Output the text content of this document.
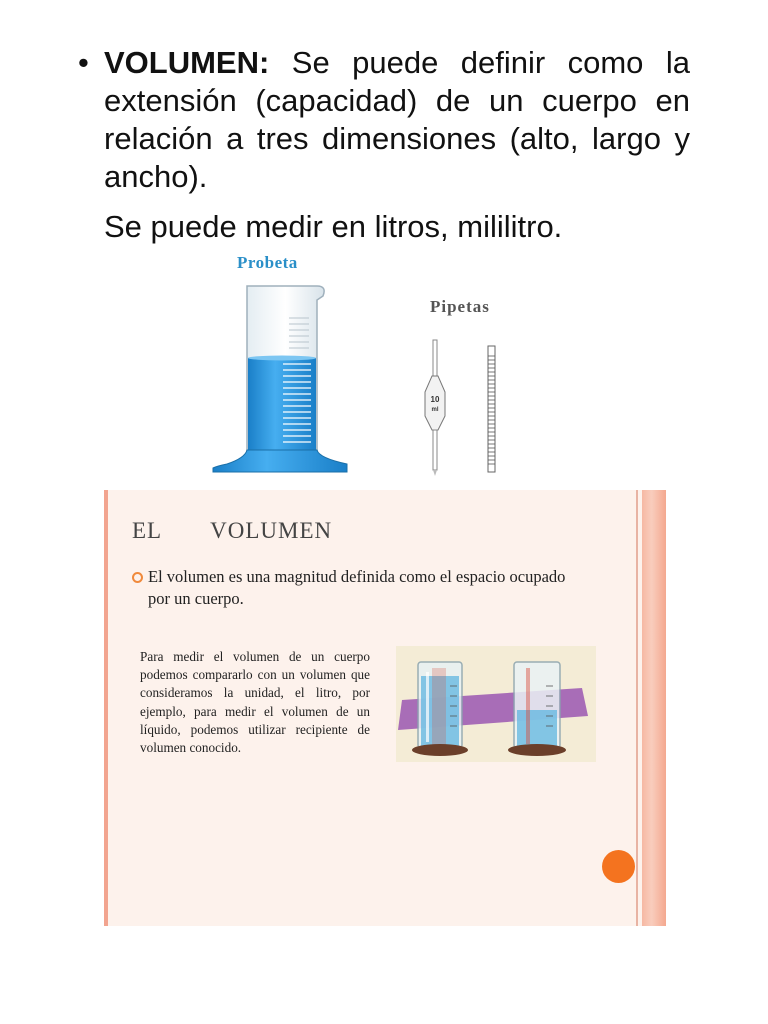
• VOLUMEN: Se puede definir como la extensión (capacidad) de un cuerpo en relación a tres dimensiones (alto, largo y ancho).
Se puede medir en litros, mililitro.
Probeta
Pipetas
10
ml
EL VOLUMEN
El volumen es una magnitud definida como el espacio ocupado por un cuerpo.
Para medir el volumen de un cuerpo podemos compararlo con un volumen que consideramos la unidad, el litro, por ejemplo, para medir el volumen de un líquido, podemos utilizar recipiente de volumen conocido.
